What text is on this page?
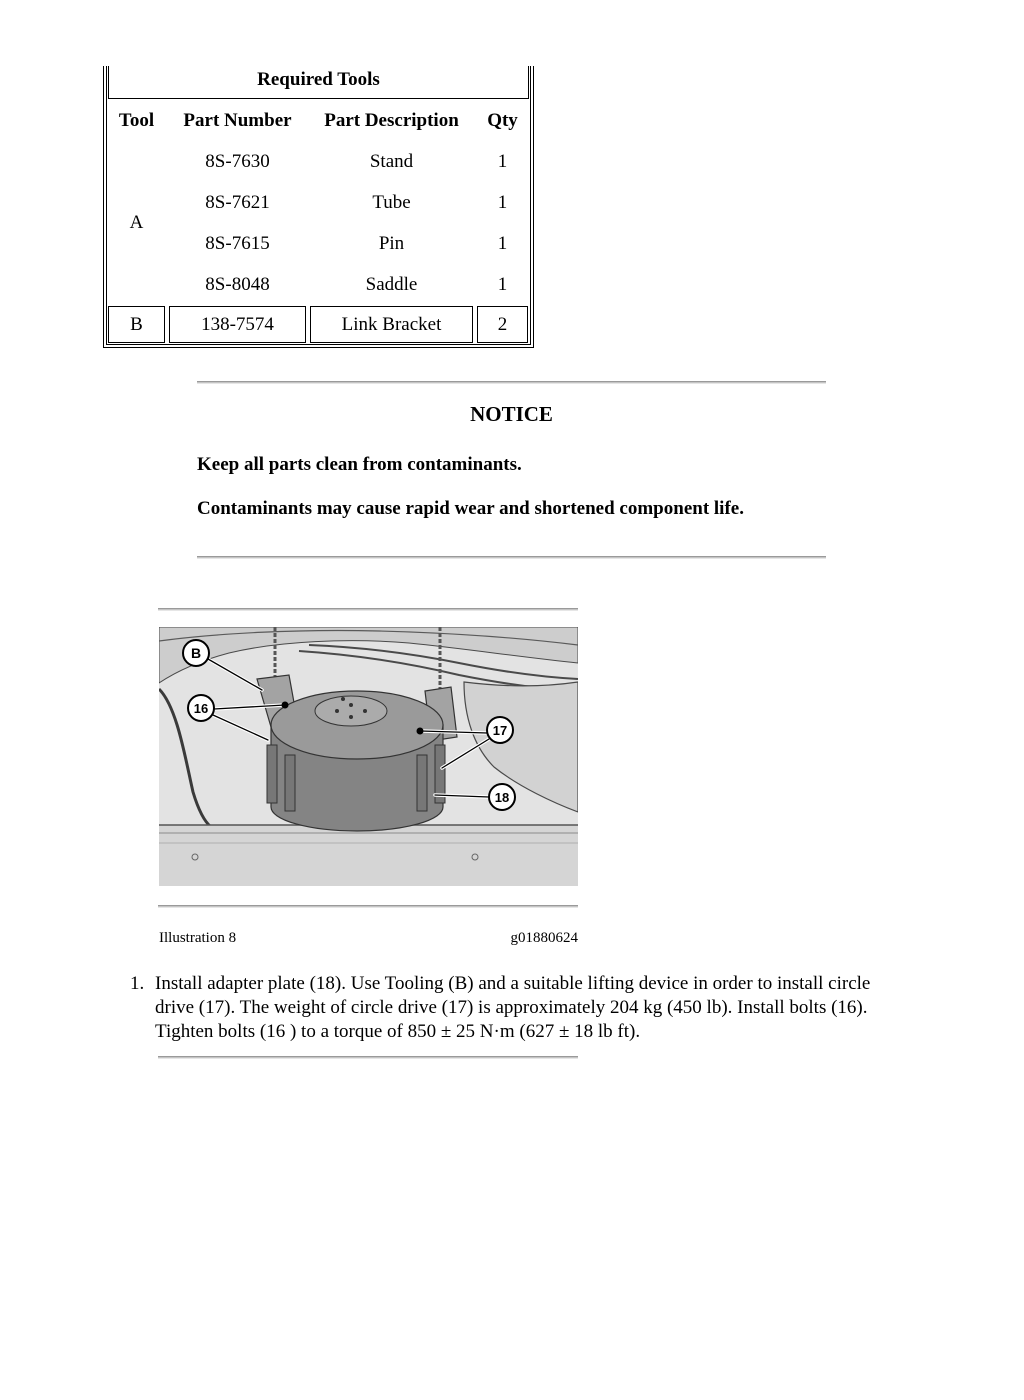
Required Tools
Tool	Part Number	Part Description	Qty
A
8S-7630	Stand	1
8S-7621	Tube	1
8S-7615	Pin	1
8S-8048	Saddle	1
B	138-7574	Link Bracket	2
NOTICE
Keep all parts clean from contaminants.
Contaminants may cause rapid wear and shortened component life.
B
16
17
18
Illustration 8	g01880624
1. Install adapter plate (18). Use Tooling (B) and a suitable lifting device in order to install circle drive (17). The weight of circle drive (17) is approximately 204 kg (450 lb). Install bolts (16). Tighten bolts (16 ) to a torque of 850 ± 25 N·m (627 ± 18 lb ft).
